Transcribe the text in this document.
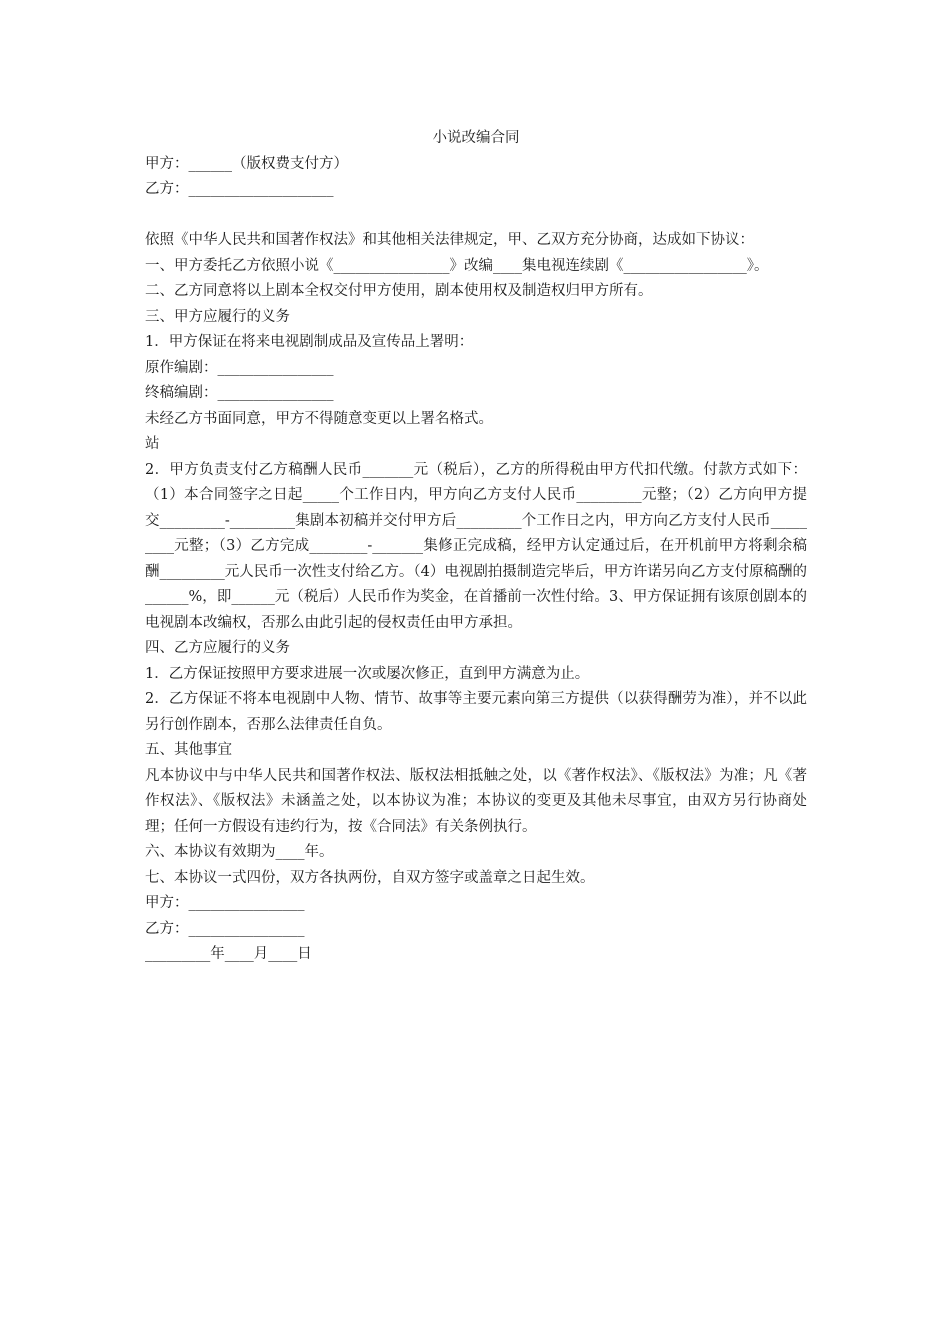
小说改编合同

甲方：______（版权费支付方）

乙方：____________________

依照《中华人民共和国著作权法》和其他相关法律规定，甲、乙双方充分协商，达成如下协议：

一、甲方委托乙方依照小说《________________》改编____集电视连续剧《_________________》。

二、乙方同意将以上剧本全权交付甲方使用，剧本使用权及制造权归甲方所有。

三、甲方应履行的义务

1．甲方保证在将来电视剧制成品及宣传品上署明：

原作编剧：________________

终稿编剧：________________

未经乙方书面同意，甲方不得随意变更以上署名格式。

站

2．甲方负责支付乙方稿酬人民币_______元（税后），乙方的所得税由甲方代扣代缴。付款方式如下：（1）本合同签字之日起_____个工作日内，甲方向乙方支付人民币_________元整；（2）乙方向甲方提交_________-_________集剧本初稿并交付甲方后_________个工作日之内，甲方向乙方支付人民币_________元整；（3）乙方完成________-_______集修正完成稿，经甲方认定通过后，在开机前甲方将剩余稿酬_________元人民币一次性支付给乙方。（4）电视剧拍摄制造完毕后，甲方许诺另向乙方支付原稿酬的______%，即______元（税后）人民币作为奖金，在首播前一次性付给。3、甲方保证拥有该原创剧本的电视剧本改编权，否那么由此引起的侵权责任由甲方承担。

四、乙方应履行的义务

1．乙方保证按照甲方要求进展一次或屡次修正，直到甲方满意为止。

2．乙方保证不将本电视剧中人物、情节、故事等主要元素向第三方提供（以获得酬劳为准），并不以此另行创作剧本，否那么法律责任自负。

五、其他事宜

凡本协议中与中华人民共和国著作权法、版权法相抵触之处，以《著作权法》、《版权法》为准；凡《著作权法》、《版权法》未涵盖之处，以本协议为准；本协议的变更及其他未尽事宜，由双方另行协商处理；任何一方假设有违约行为，按《合同法》有关条例执行。

六、本协议有效期为____年。

七、本协议一式四份，双方各执两份，自双方签字或盖章之日起生效。

甲方：________________

乙方：________________

_________年____月____日
